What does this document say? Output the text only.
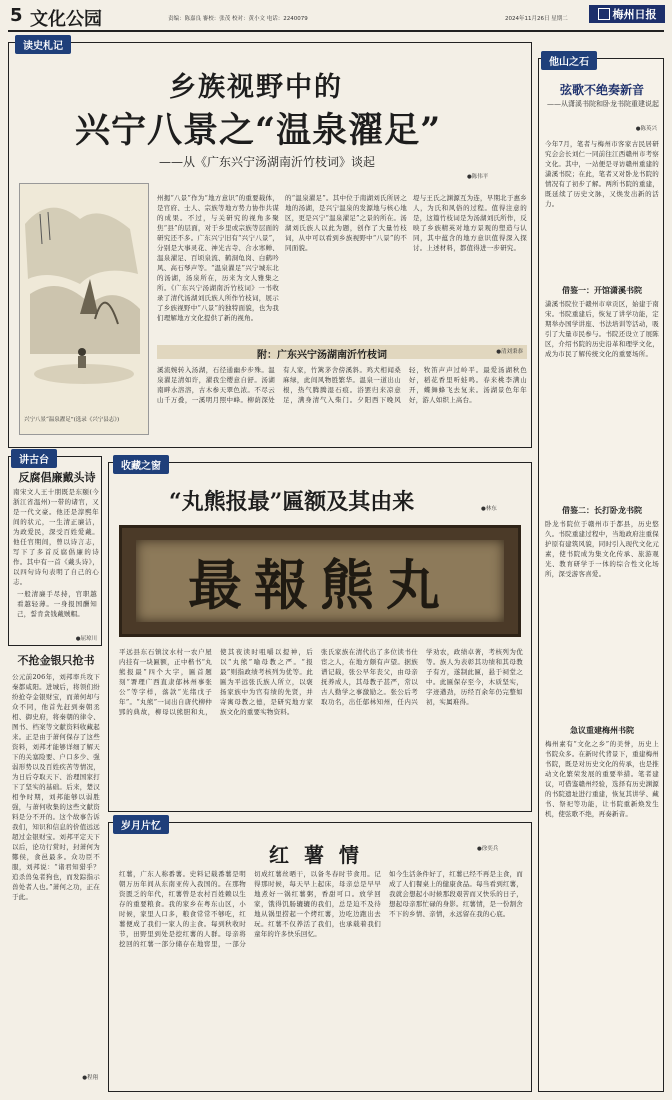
5 文化公园	责编：陈嘉良 審校：张茂 校对：黄小文 电话：2240079	2024年11月26日 星期二	梅州日报
读史札记
乡族视野中的
兴宁八景之“温泉濯足”
——从《广东兴宁汤湖南沂竹枝词》谈起
●陈伟平
兴宁八景“温泉濯足”(选录《兴宁县志》)
州揭“八景”作为“地方意识”的重要载体，是官府、士人、宗族等地方势力协作共谋的成果。不过，与关研究的视角多聚焦“县”的层面，对于乡里或宗族等层面的研究还不多。广东兴宁旧有“兴宁八景”，分别是大事灵花、神光古寺、合水寒蝉、温泉濯足、百顷泉流、鹤洞龟岗、白鹤吟风、高石琴声等。“温泉濯足”兴宁城东北的汤湖，汤泉所在，历来为文人雅集之所。《广东兴宁汤湖南沂竹枝词》一书收录了清代汤湖刘氏族人所作竹枝词，展示了乡族视野中“八景”的独特面貌，也为我们理解地方文化提供了新的视角。
的“温泉濯足”。其中位于南湖刘氏所居之地的汤湖，是兴宁温泉的发源地与核心地区，更是兴宁“温泉濯足”之景的所在。汤湖刘氏族人以此为题，创作了大量竹枝词，从中可以看到乡族视野中“八景”的不同面貌。
堤与王氏之渊源互为连，早期北于惠乡人，为氏和风俗的过程。值得注意的是，这篇竹枝词是为汤湖刘氏所作，反映了乡族精英对地方景观的塑造与认同，其中蕴含的地方意识值得深入探讨。上述材料，都值得进一步研究。
附：广东兴宁汤湖南沂竹枝词	●清刘秉恭
溪流婉转入汤湖，石径通幽步步殊。温泉濯足清如许，濯我尘缨意自舒。汤湖南畔水溶溶，古木参天翠色浓。不尽云山千万叠，一溪明月照中峰。柳荫深处有人家，竹篱茅舍傍溪斜。鸡犬相闻桑麻绿，此间风物胜繁华。温泉一道出山根，热气腾腾湿石痕。浴罢归来凉意足，满身清气入柴门。夕阳西下晚风轻，牧笛声声过岭平。最爱汤湖秋色好，稻花香里听蛙鸣。春来桃李满山开，蝶舞蜂飞去复来。汤湖景色年年好，游人如织上高台。
讲古台
反腐倡廉戴头诗
南宋文人王十朋既是东颐(今浙江省温州)一带的诸官，又是一代文豪。他还是淳熙年间的状元，一生清正廉洁，为政爱民，深受百姓爱戴。他任官期间，曾以诗言志，写下了多首反腐倡廉的诗作。其中有一首《戴头诗》，以四句诗句表明了自己的心志。
一般清廉手尽持，官职越看越轻薄。一身报国酬知己，誓肯贪钱戴贼帽。
●屈琼川
不抢金银只抢书
公元前206年，刘邦率兵攻下秦都咸阳。进城后，将领们纷纷抢夺金银财宝，而萧何却与众不同，他首先赶到秦朝丞相、御史府，将秦朝的律令、图书、档案等文献资料收藏起来。正是由于萧何保存了这些资料，刘邦才能够详细了解天下的关塞险要、户口多少、强弱形势以及百姓疾苦等情况，为日后夺取天下、治理国家打下了坚实的基础。后来，楚汉相争时期，刘邦能够以弱胜强，与萧何收集的这些文献资料是分不开的。这个故事告诉我们，知识和信息的价值远远超过金银财宝。刘邦平定天下以后，论功行赏时，封萧何为酂侯，食邑最多。众功臣不服，刘邦说：“诸君知猎乎？追杀兽兔者狗也，而发踪指示兽处者人也。”萧何之功，正在于此。
●程翔
收藏之窗
“丸熊报最”匾额及其由来	●林东
最報熊丸
平远县东石镇汶水村一农户屋内挂有一块匾额，正中楷书“丸熊报最”四个大字，匾首题刻“署理广西直隶郁林州事张公”等字样，落款“光绪戊子年”。“丸熊”一词出自唐代柳仲郢的典故，柳母以熊胆和丸，使其夜读时咀嚼以提神，后以“丸熊”喻母教之严。“报最”则指政绩考核列为优等。此匾为平远张氏族人所立，以褒扬家族中为官有绩的先贤，并寄寓母教之德，是研究地方家族文化的重要实物资料。
张氏家族在清代出了多位读书仕宦之人，在地方颇有声望。据族谱记载，张公早年丧父，由母亲抚养成人，其母教子甚严，常以古人勤学之事激励之。张公后考取功名，出任郁林知州，任内兴学劝农，政绩卓著，考核列为优等。族人为表彰其功绩和其母教子有方，遂制此匾，悬于祠堂之中。此匾保存至今，木质坚实，字迹遒劲，历经百余年仍完整如初，实属难得。
岁月片忆
红 薯 情	●徐奕兵
红薯，广东人称番薯。史料记载番薯是明朝万历年间从东南亚传入我国的。在那物资匮乏的年代，红薯曾是农村百姓赖以生存的重要粮食。我的家乡在粤东山区，小时候，家里人口多，粮食常常不够吃，红薯便成了我们一家人的主食。每到秋收时节，田野里到处是挖红薯的人群。母亲将挖回的红薯一部分储存在地窖里，一部分切成红薯丝晒干，以备冬春时节食用。记得那时候，每天早上起床，母亲总是早早地煮好一锅红薯粥，香甜可口。放学回家，饿得饥肠辘辘的我们，总是迫不及待地从锅里捞起一个烤红薯，边吃边跑出去玩。红薯不仅养活了我们，也承载着我们童年的许多快乐回忆。
如今生活条件好了，红薯已经不再是主食，而成了人们餐桌上的健康食品。每当看到红薯，我就会想起小时候那段艰苦而又快乐的日子，想起母亲那忙碌的身影。红薯情，是一份割舍不下的乡情、亲情，永远留在我的心底。
他山之石
弦歌不绝奏新音
——从潇溪书院和卧龙书院重建说起
●陈英兴
今年7月，笔者与梅州市客家古民居研究会会长刘仁一同前往江西赣州市考察文化。其中，一站便是寻访赣州重建的潇溪书院；在此，笔者又对卧龙书院的情况有了初步了解。两所书院的重建，既延续了历史文脉，又焕发出新的活力。
借鉴一：开馆潇溪书院
潇溪书院位于赣州市章贡区，始建于南宋。书院重建后，恢复了讲学功能，定期举办国学讲座、书法培训等活动，吸引了大量市民参与。书院还设立了展陈区，介绍书院的历史沿革和理学文化，成为市民了解传统文化的重要场所。
借鉴二：长打卧龙书院
卧龙书院位于赣州市于都县，历史悠久。书院重建过程中，当地政府注重保护原有建筑风貌，同时引入现代文化元素，使书院成为集文化传承、旅游观光、教育研学于一体的综合性文化场所，深受游客喜爱。
急议重建梅州书院
梅州素有“文化之乡”的美誉，历史上书院众多。在新时代背景下，重建梅州书院，既是对历史文化的传承，也是推动文化繁荣发展的重要举措。笔者建议，可借鉴赣州经验，选择有历史渊源的书院遗址进行重建，恢复其讲学、藏书、祭祀等功能，让书院重新焕发生机，使弦歌不绝，再奏新音。
